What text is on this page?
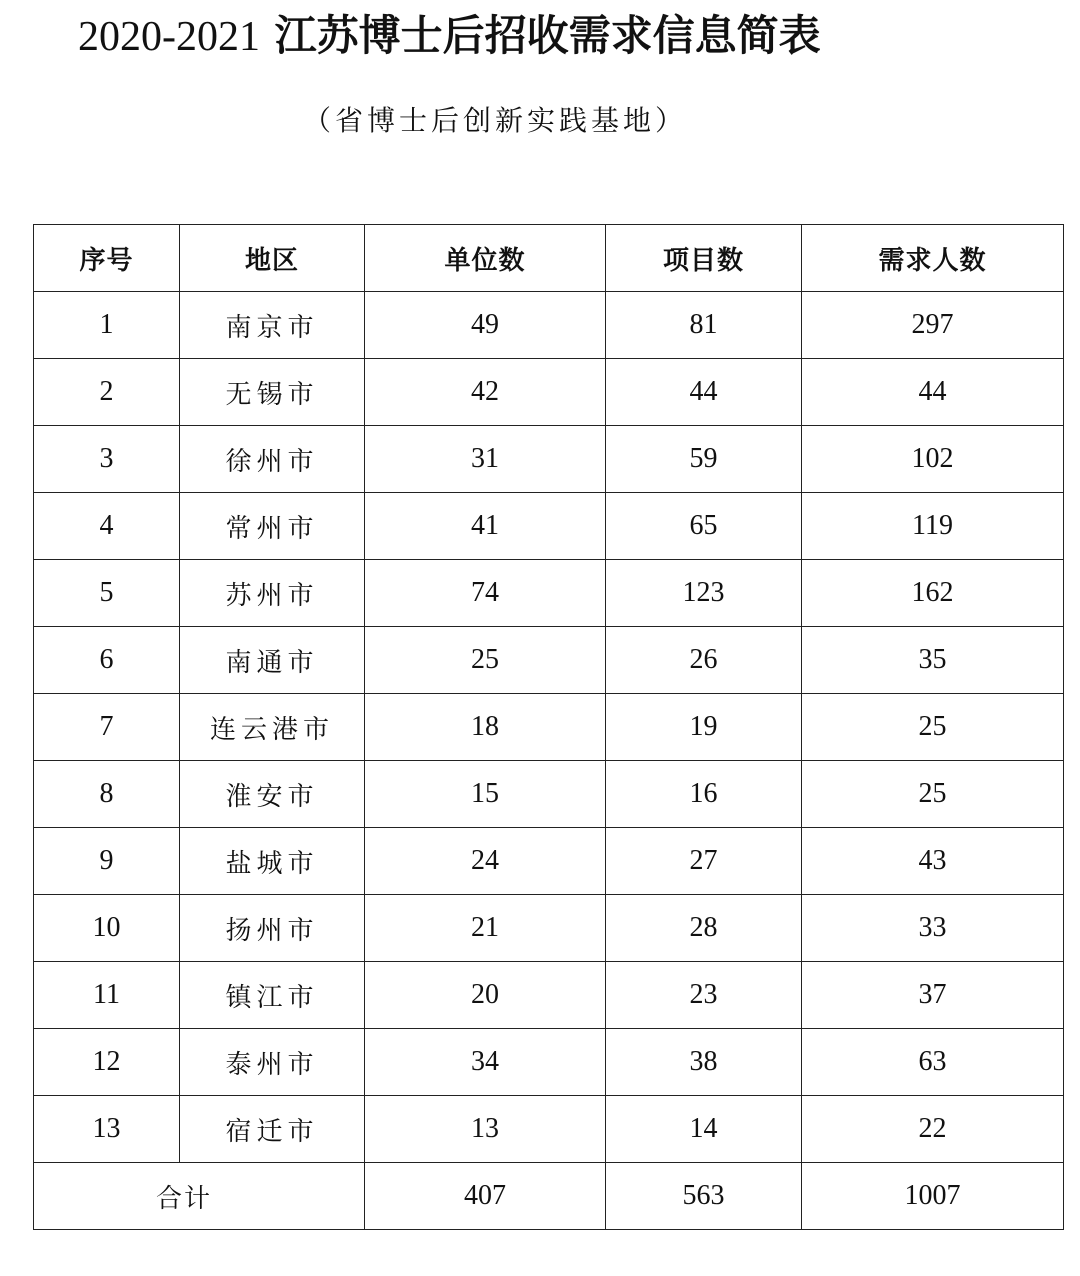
2020-2021 江苏博士后招收需求信息简表

（省博士后创新实践基地）

序号	地区	单位数	项目数	需求人数
1	南京市	49	81	297
2	无锡市	42	44	44
3	徐州市	31	59	102
4	常州市	41	65	119
5	苏州市	74	123	162
6	南通市	25	26	35
7	连云港市	18	19	25
8	淮安市	15	16	25
9	盐城市	24	27	43
10	扬州市	21	28	33
11	镇江市	20	23	37
12	泰州市	34	38	63
13	宿迁市	13	14	22
合计		407	563	1007
